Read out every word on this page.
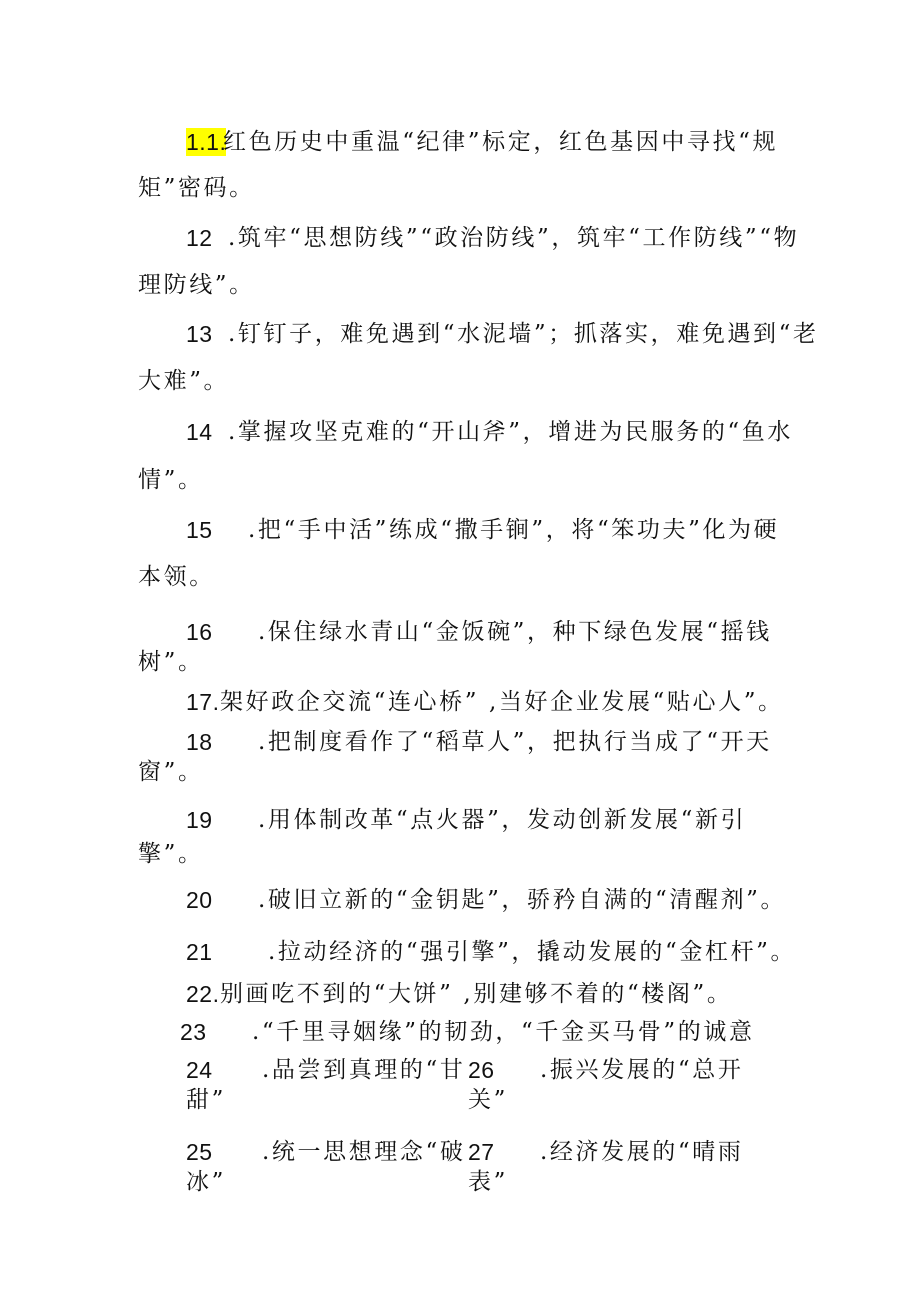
1.1.
红色历史中重温“纪律”标定，红色基因中寻找“规
矩”密码。
12 .筑牢“思想防线”“政治防线”，筑牢“工作防线”“物
理防线”。
13 .钉钉子，难免遇到“水泥墙”；抓落实，难免遇到“老
大难”。
14 .掌握攻坚克难的“开山斧”，增进为民服务的“鱼水
情”。
15 .把“手中活”练成“撒手锏”，将“笨功夫”化为硬
本领。
16 .保住绿水青山“金饭碗”，种下绿色发展“摇钱
树”。
17. 架好政企交流“连心桥” ,当好企业发展“贴心人”。
18 .把制度看作了“稻草人”，把执行当成了“开天
窗”。
19 .用体制改革“点火器”，发动创新发展“新引
擎”。
20 .破旧立新的“金钥匙”，骄矜自满的“清醒剂”。
21 .拉动经济的“强引擎”，撬动发展的“金杠杆”。
22. 别画吃不到的“大饼” ,别建够不着的“楼阁”。
23 .“千里寻姻缘”的韧劲，“千金买马骨”的诚意
24 .品尝到真理的“甘
甜”
26 .振兴发展的“总开
关”
25 .统一思想理念“破
冰”
27 .经济发展的“晴雨
表”
